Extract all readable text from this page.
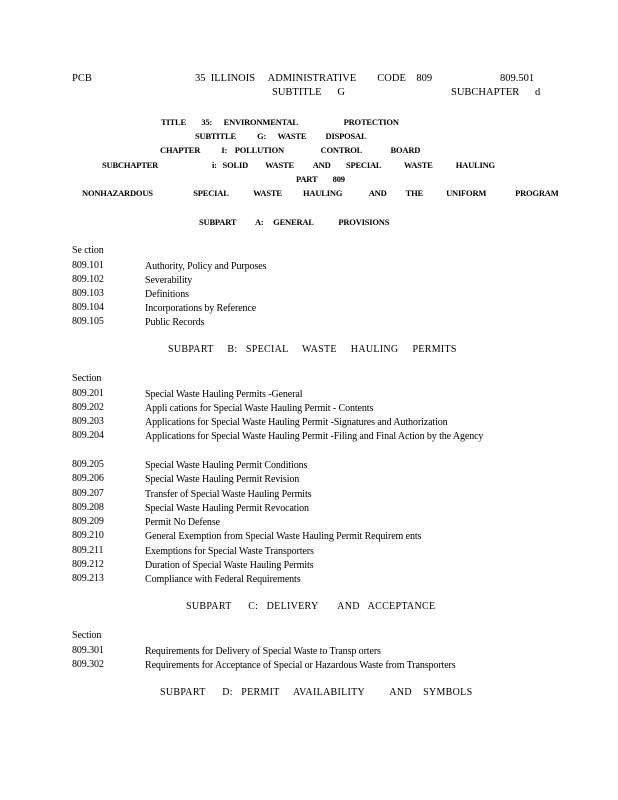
PCB	35  ILLINOIS     ADMINISTRATIVE        CODE    809	809.501
SUBTITLE      G	SUBCHAPTER      d
TITLE        35:      ENVIRONMENTAL                        PROTECTION
SUBTITLE           G:      WASTE          DISPOSAL
CHAPTER           I:    POLLUTION                   CONTROL               BOARD
SUBCHAPTER                            i:   SOLID         WASTE          AND        SPECIAL            WASTE            HAULING
PART        809
NONHAZARDOUS                     SPECIAL             WASTE           HAULING              AND          THE            UNIFORM               PROGRAM
SUBPART          A:     GENERAL             PROVISIONS
Se ction
809.101	Authority, Policy and Purposes
809.102	Severability
809.103	Definitions
809.104	Incorporations by Reference
809.105	Public Records
SUBPART     B:   SPECIAL     WASTE     HAULING     PERMITS
Section
809.201	Special Waste Hauling Permits -General
809.202	Appli cations for Special Waste Hauling Permit - Contents
809.203	Applications for Special Waste Hauling Permit -Signatures and Authorization
809.204	Applications for Special Waste Hauling Permit -Filing and Final Action by the Agency
809.205	Special Waste Hauling Permit Conditions
809.206	Special Waste Hauling Permit Revision
809.207	Transfer of Special Waste Hauling Permits
809.208	Special Waste Hauling Permit Revocation
809.209	Permit No Defense
809.210	General Exemption from Special Waste Hauling Permit Requirem ents
809.211	Exemptions for Special Waste Transporters
809.212	Duration of Special Waste Hauling Permits
809.213	Compliance with Federal Requirements
SUBPART      C:   DELIVERY       AND   ACCEPTANCE
Section
809.301	Requirements for Delivery of Special Waste to Transp orters
809.302	Requirements for Acceptance of Special or Hazardous Waste from Transporters
SUBPART      D:   PERMIT     AVAILABILITY         AND    SYMBOLS
